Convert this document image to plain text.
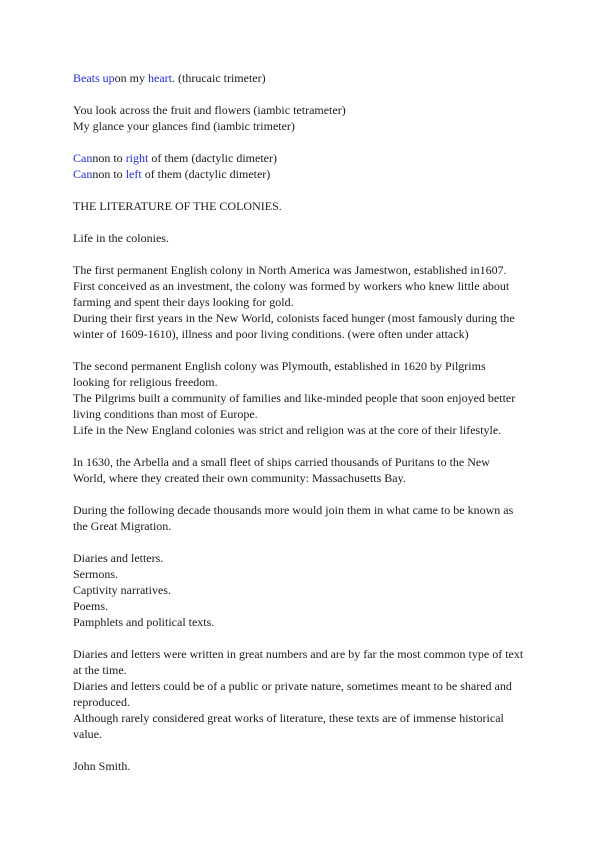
Beats upon my heart. (thrucaic trimeter)
You look across the fruit and flowers (iambic tetrameter)
My glance your glances find (iambic trimeter)
Cannon to right of them (dactylic dimeter)
Cannon to left of them (dactylic dimeter)
THE LITERATURE OF THE COLONIES.
Life in the colonies.
The first permanent English colony in North America was Jamestwon, established in1607.
First conceived as an investment, the colony was formed by workers who knew little about
farming and spent their days looking for gold.
During their first years in the New World, colonists faced hunger (most famously during the
winter of 1609-1610), illness and poor living conditions. (were often under attack)
The second permanent English colony was Plymouth, established in 1620 by Pilgrims
looking for religious freedom.
The Pilgrims built a community of families and like-minded people that soon enjoyed better
living conditions than most of Europe.
Life in the New England colonies was strict and religion was at the core of their lifestyle.
In 1630, the Arbella and a small fleet of ships carried thousands of Puritans to the New
World, where they created their own community: Massachusetts Bay.
During the following decade thousands more would join them in what came to be known as
the Great Migration.
Diaries and letters.
Sermons.
Captivity narratives.
Poems.
Pamphlets and political texts.
Diaries and letters were written in great numbers and are by far the most common type of text
at the time.
Diaries and letters could be of a public or private nature, sometimes meant to be shared and
reproduced.
Although rarely considered great works of literature, these texts are of immense historical
value.
John Smith.
